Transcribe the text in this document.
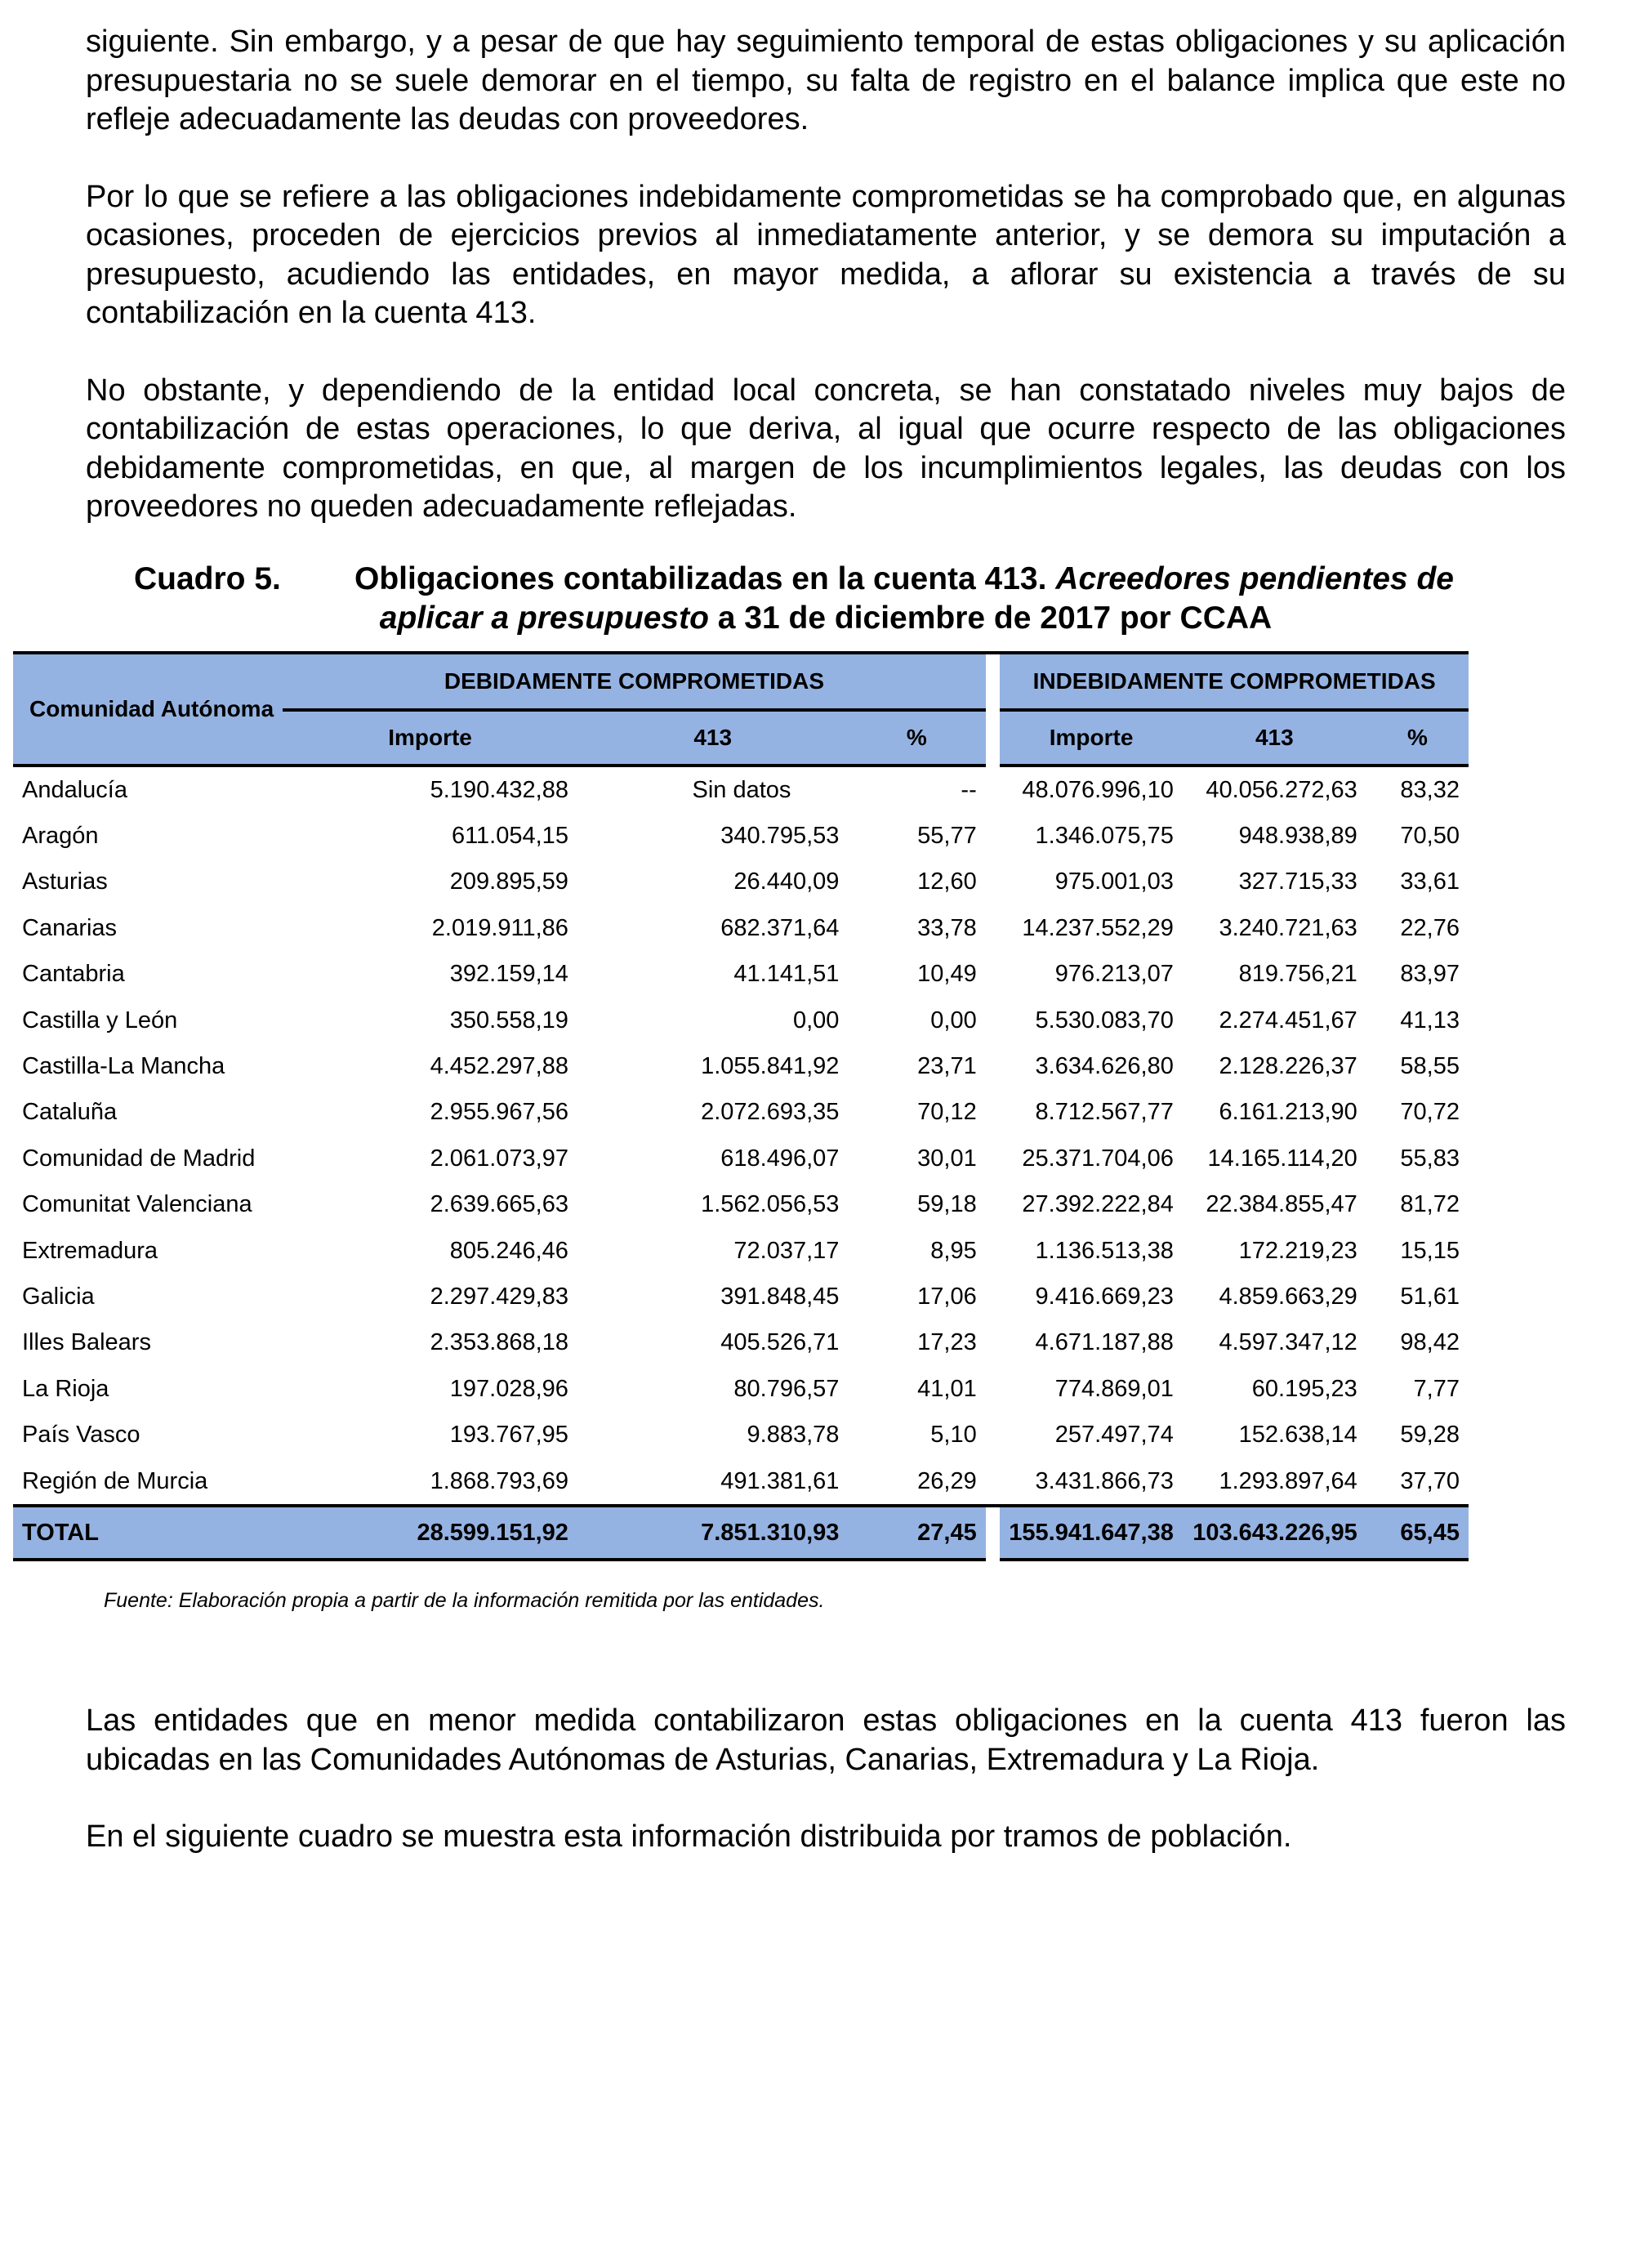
siguiente. Sin embargo, y a pesar de que hay seguimiento temporal de estas obligaciones y su aplicación presupuestaria no se suele demorar en el tiempo, su falta de registro en el balance implica que este no refleje adecuadamente las deudas con proveedores.

Por lo que se refiere a las obligaciones indebidamente comprometidas se ha comprobado que, en algunas ocasiones, proceden de ejercicios previos al inmediatamente anterior, y se demora su imputación a presupuesto, acudiendo las entidades, en mayor medida, a aflorar su existencia a través de su contabilización en la cuenta 413.

No obstante, y dependiendo de la entidad local concreta, se han constatado niveles muy bajos de contabilización de estas operaciones, lo que deriva, al igual que ocurre respecto de las obligaciones debidamente comprometidas, en que, al margen de los incumplimientos legales, las deudas con los proveedores no queden adecuadamente reflejadas.

Cuadro 5. Obligaciones contabilizadas en la cuenta 413. Acreedores pendientes de
aplicar a presupuesto a 31 de diciembre de 2017 por CCAA
Comunidad Autónoma	DEBIDAMENTE COMPROMETIDAS				INDEBIDAMENTE COMPROMETIDAS		
	Importe	413	%		Importe	413	%
Andalucía	5.190.432,88	Sin datos	--		48.076.996,10	40.056.272,63	83,32
Aragón	611.054,15	340.795,53	55,77		1.346.075,75	948.938,89	70,50
Asturias	209.895,59	26.440,09	12,60		975.001,03	327.715,33	33,61
Canarias	2.019.911,86	682.371,64	33,78		14.237.552,29	3.240.721,63	22,76
Cantabria	392.159,14	41.141,51	10,49		976.213,07	819.756,21	83,97
Castilla y León	350.558,19	0,00	0,00		5.530.083,70	2.274.451,67	41,13
Castilla-La Mancha	4.452.297,88	1.055.841,92	23,71		3.634.626,80	2.128.226,37	58,55
Cataluña	2.955.967,56	2.072.693,35	70,12		8.712.567,77	6.161.213,90	70,72
Comunidad de Madrid	2.061.073,97	618.496,07	30,01		25.371.704,06	14.165.114,20	55,83
Comunitat Valenciana	2.639.665,63	1.562.056,53	59,18		27.392.222,84	22.384.855,47	81,72
Extremadura	805.246,46	72.037,17	8,95		1.136.513,38	172.219,23	15,15
Galicia	2.297.429,83	391.848,45	17,06		9.416.669,23	4.859.663,29	51,61
Illes Balears	2.353.868,18	405.526,71	17,23		4.671.187,88	4.597.347,12	98,42
La Rioja	197.028,96	80.796,57	41,01		774.869,01	60.195,23	7,77
País Vasco	193.767,95	9.883,78	5,10		257.497,74	152.638,14	59,28
Región de Murcia	1.868.793,69	491.381,61	26,29		3.431.866,73	1.293.897,64	37,70
TOTAL	28.599.151,92	7.851.310,93	27,45		155.941.647,38	103.643.226,95	65,45
Fuente: Elaboración propia a partir de la información remitida por las entidades.

Las entidades que en menor medida contabilizaron estas obligaciones en la cuenta 413 fueron las ubicadas en las Comunidades Autónomas de Asturias, Canarias, Extremadura y La Rioja.

En el siguiente cuadro se muestra esta información distribuida por tramos de población.
